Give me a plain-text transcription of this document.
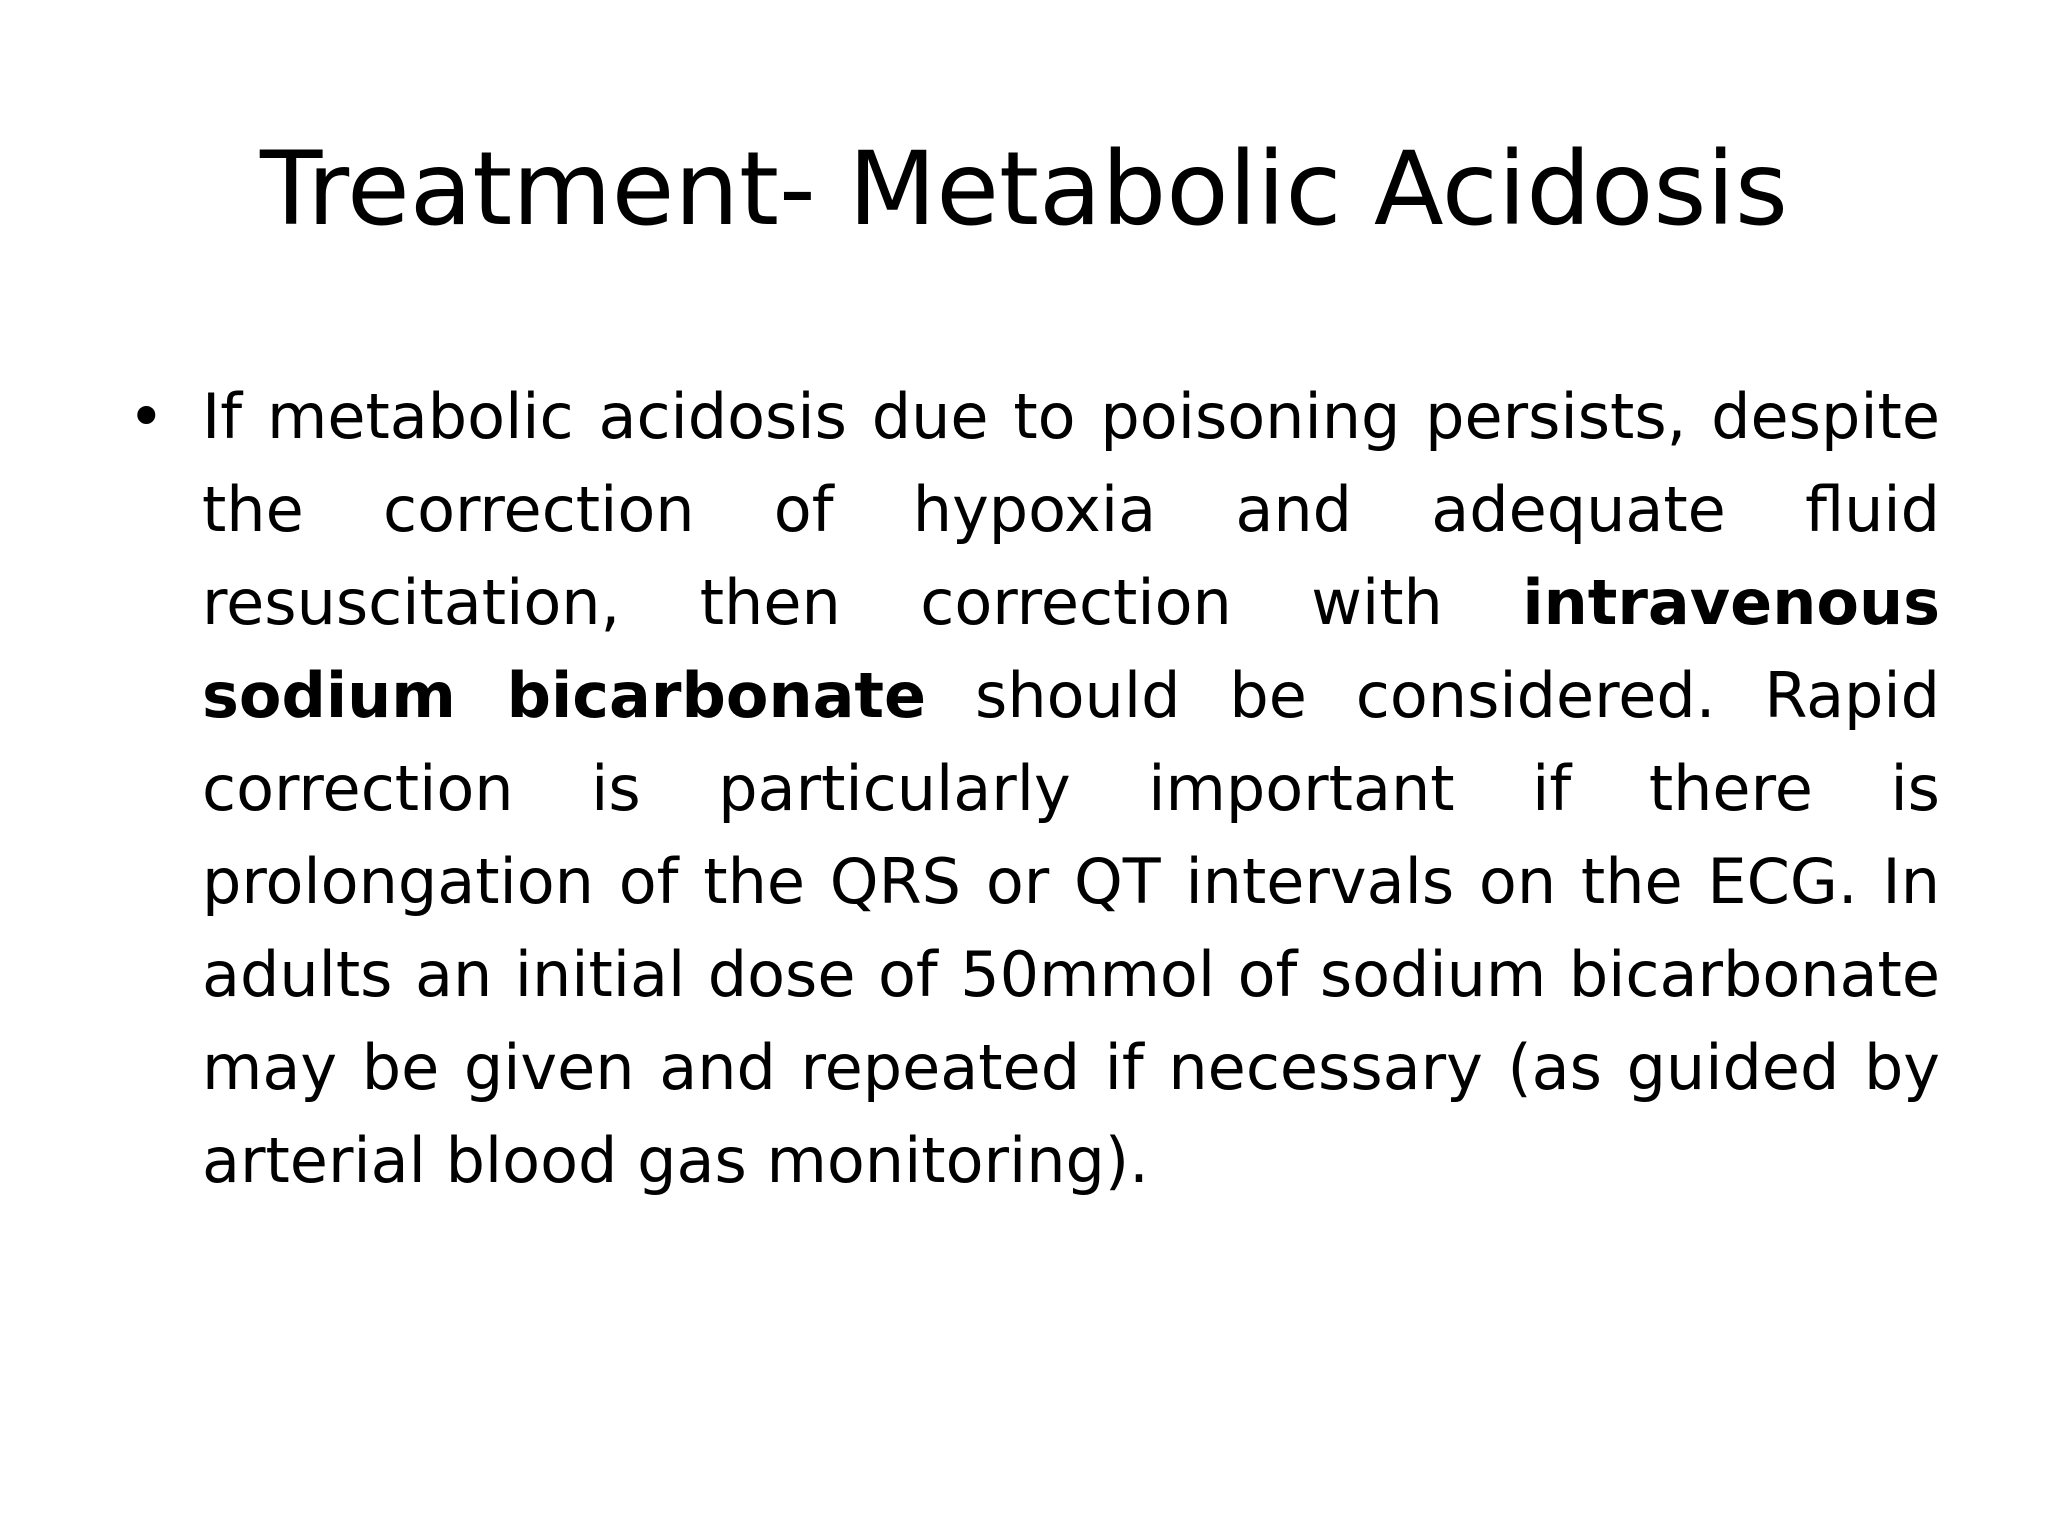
Treatment- Metabolic Acidosis
• If metabolic acidosis due to poisoning persists, despite the correction of hypoxia and adequate fluid resuscitation, then correction with intravenous sodium bicarbonate should be considered. Rapid correction is particularly important if there is prolongation of the QRS or QT intervals on the ECG. In adults an initial dose of 50mmol of sodium bicarbonate may be given and repeated if necessary (as guided by arterial blood gas monitoring).
